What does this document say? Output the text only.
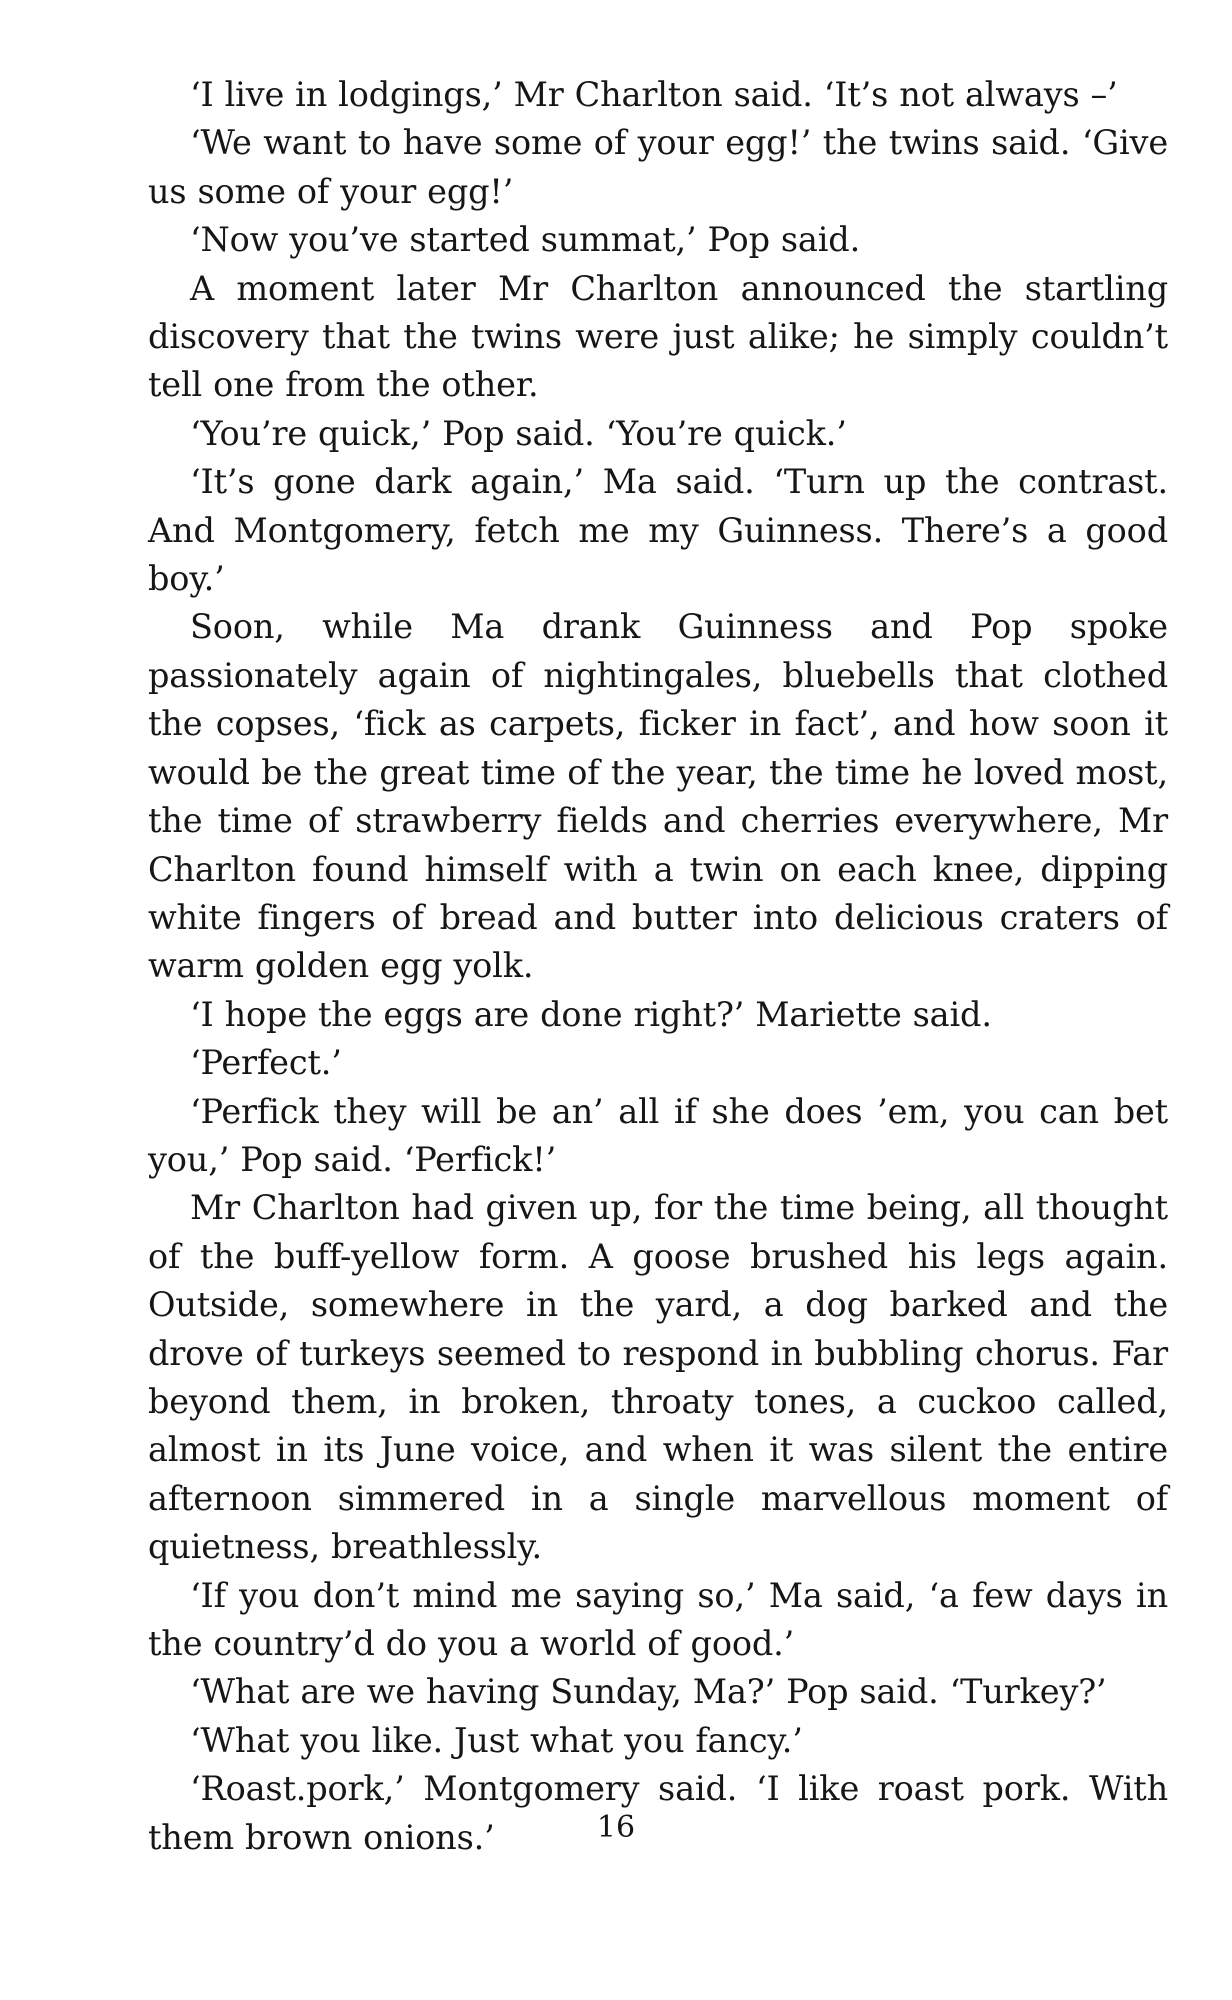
‘I live in lodgings,’ Mr Charlton said. ‘It’s not always –’

‘We want to have some of your egg!’ the twins said. ‘Give us some of your egg!’

‘Now you’ve started summat,’ Pop said.

A moment later Mr Charlton announced the startling discovery that the twins were just alike; he simply couldn’t tell one from the other.

‘You’re quick,’ Pop said. ‘You’re quick.’

‘It’s gone dark again,’ Ma said. ‘Turn up the contrast. And Montgomery, fetch me my Guinness. There’s a good boy.’

Soon, while Ma drank Guinness and Pop spoke passionately again of nightingales, bluebells that clothed the copses, ‘fick as carpets, ficker in fact’, and how soon it would be the great time of the year, the time he loved most, the time of strawberry fields and cherries everywhere, Mr Charlton found himself with a twin on each knee, dipping white fingers of bread and butter into delicious craters of warm golden egg yolk.

‘I hope the eggs are done right?’ Mariette said.

‘Perfect.’

‘Perfick they will be an’ all if she does ’em, you can bet you,’ Pop said. ‘Perfick!’

Mr Charlton had given up, for the time being, all thought of the buff-yellow form. A goose brushed his legs again. Outside, somewhere in the yard, a dog barked and the drove of turkeys seemed to respond in bubbling chorus. Far beyond them, in broken, throaty tones, a cuckoo called, almost in its June voice, and when it was silent the entire afternoon simmered in a single marvellous moment of quietness, breathlessly.

‘If you don’t mind me saying so,’ Ma said, ‘a few days in the country’d do you a world of good.’

‘What are we having Sunday, Ma?’ Pop said. ‘Turkey?’

‘What you like. Just what you fancy.’

‘Roast.pork,’ Montgomery said. ‘I like roast pork. With them brown onions.’	16
